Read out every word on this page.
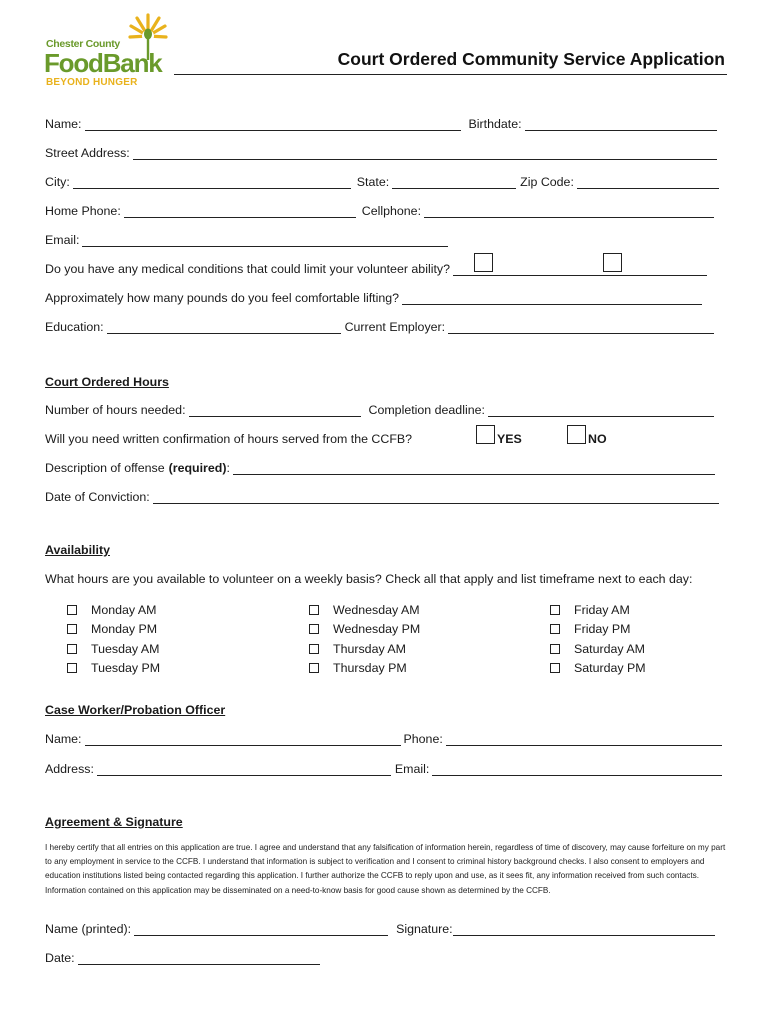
Chester County
FoodBank
BEYOND HUNGER
Court Ordered Community Service Application
Name:	Birthdate:
Street Address:
City:	State:	Zip Code:
Home Phone:	Cellphone:
Email:
Do you have any medical conditions that could limit your volunteer ability?
Approximately how many pounds do you feel comfortable lifting?
Education:	Current Employer:
Court Ordered Hours
Number of hours needed:	Completion deadline:
Will you need written confirmation of hours served from the CCFB?	YES	NO
Description of offense (required) :
Date of Conviction:
Availability
What hours are you available to volunteer on a weekly basis? Check all that apply and list timeframe next to each day:
Monday AM
Monday PM
Tuesday AM
Tuesday PM
Wednesday AM
Wednesday PM
Thursday AM
Thursday PM
Friday AM
Friday PM
Saturday AM
Saturday PM
Case Worker/Probation Officer
Name:	Phone:
Address:	Email:
Agreement & Signature
I hereby certify that all entries on this application are true. I agree and understand that any falsification of information herein, regardless of time of discovery, may cause forfeiture on my part to any employment in service to the CCFB. I understand that information is subject to verification and I consent to criminal history background checks. I also consent to employers and education institutions listed being contacted regarding this application. I further authorize the CCFB to reply upon and use, as it sees fit, any information received from such contacts. Information contained on this application may be disseminated on a need-to-know basis for good cause shown as determined by the CCFB.
Name (printed):	Signature:
Date:
